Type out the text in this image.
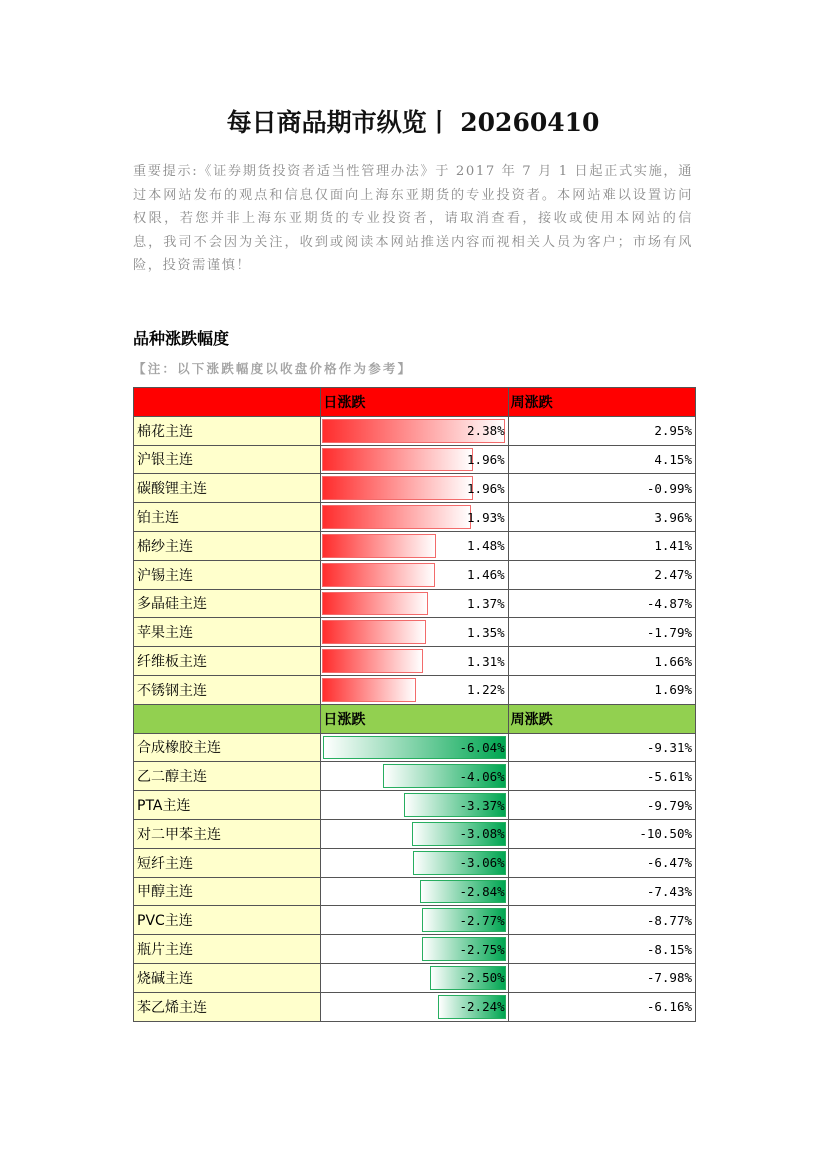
每日商品期市纵览丨 20260410
重要提示:《证券期货投资者适当性管理办法》于 2017 年 7 月 1 日起正式实施，通过本网站发布的观点和信息仅面向上海东亚期货的专业投资者。本网站难以设置访问权限，若您并非上海东亚期货的专业投资者，请取消查看，接收或使用本网站的信息，我司不会因为关注，收到或阅读本网站推送内容而视相关人员为客户；市场有风险，投资需谨慎！
品种涨跌幅度
【注：以下涨跌幅度以收盘价格作为参考】
	日涨跌	周涨跌
棉花主连	2.38%	2.95%
沪银主连	1.96%	4.15%
碳酸锂主连	1.96%	-0.99%
铂主连	1.93%	3.96%
棉纱主连	1.48%	1.41%
沪锡主连	1.46%	2.47%
多晶硅主连	1.37%	-4.87%
苹果主连	1.35%	-1.79%
纤维板主连	1.31%	1.66%
不锈钢主连	1.22%	1.69%
	日涨跌	周涨跌
合成橡胶主连	-6.04%	-9.31%
乙二醇主连	-4.06%	-5.61%
PTA主连	-3.37%	-9.79%
对二甲苯主连	-3.08%	-10.50%
短纤主连	-3.06%	-6.47%
甲醇主连	-2.84%	-7.43%
PVC主连	-2.77%	-8.77%
瓶片主连	-2.75%	-8.15%
烧碱主连	-2.50%	-7.98%
苯乙烯主连	-2.24%	-6.16%
